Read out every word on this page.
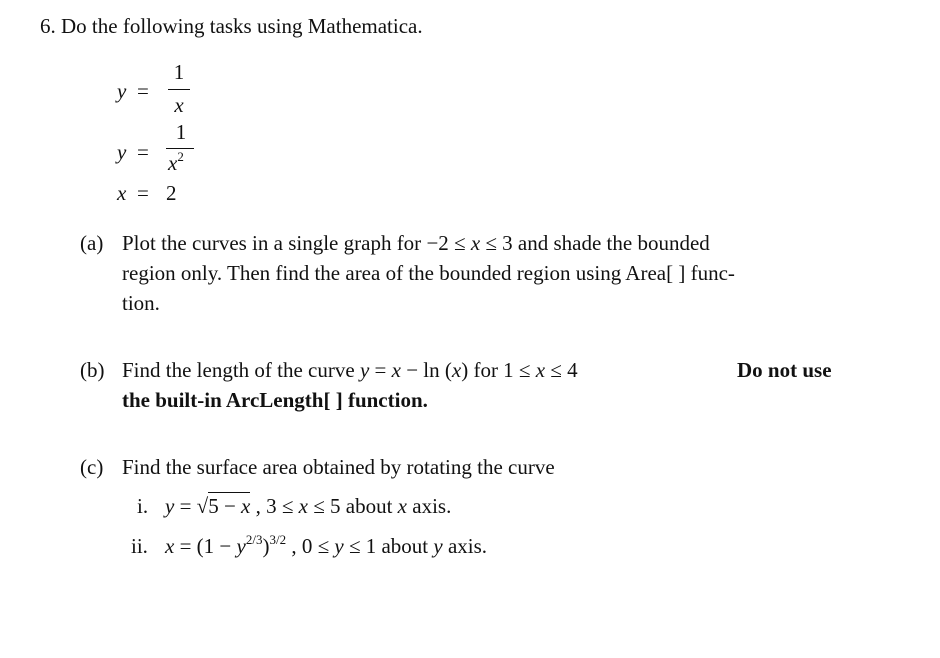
6. Do the following tasks using Mathematica.
y =
1
x
y =
1
$x^2$
x = 2
(a) Plot the curves in a single graph for −2 ≤ x ≤ 3 and shade the bounded
region only. Then find the area of the bounded region using Area[ ] func-
tion.
(b) Find the length of the curve y = x − ln (x) for 1 ≤ x ≤ 4	Do not use
the built-in ArcLength[ ] function.
(c) Find the surface area obtained by rotating the curve
i. y = √5 − x , 3 ≤ x ≤ 5 about x axis.
ii. $x = (1 - y^{2/3})^{3/2}$ , 0 ≤ y ≤ 1 about y axis.
